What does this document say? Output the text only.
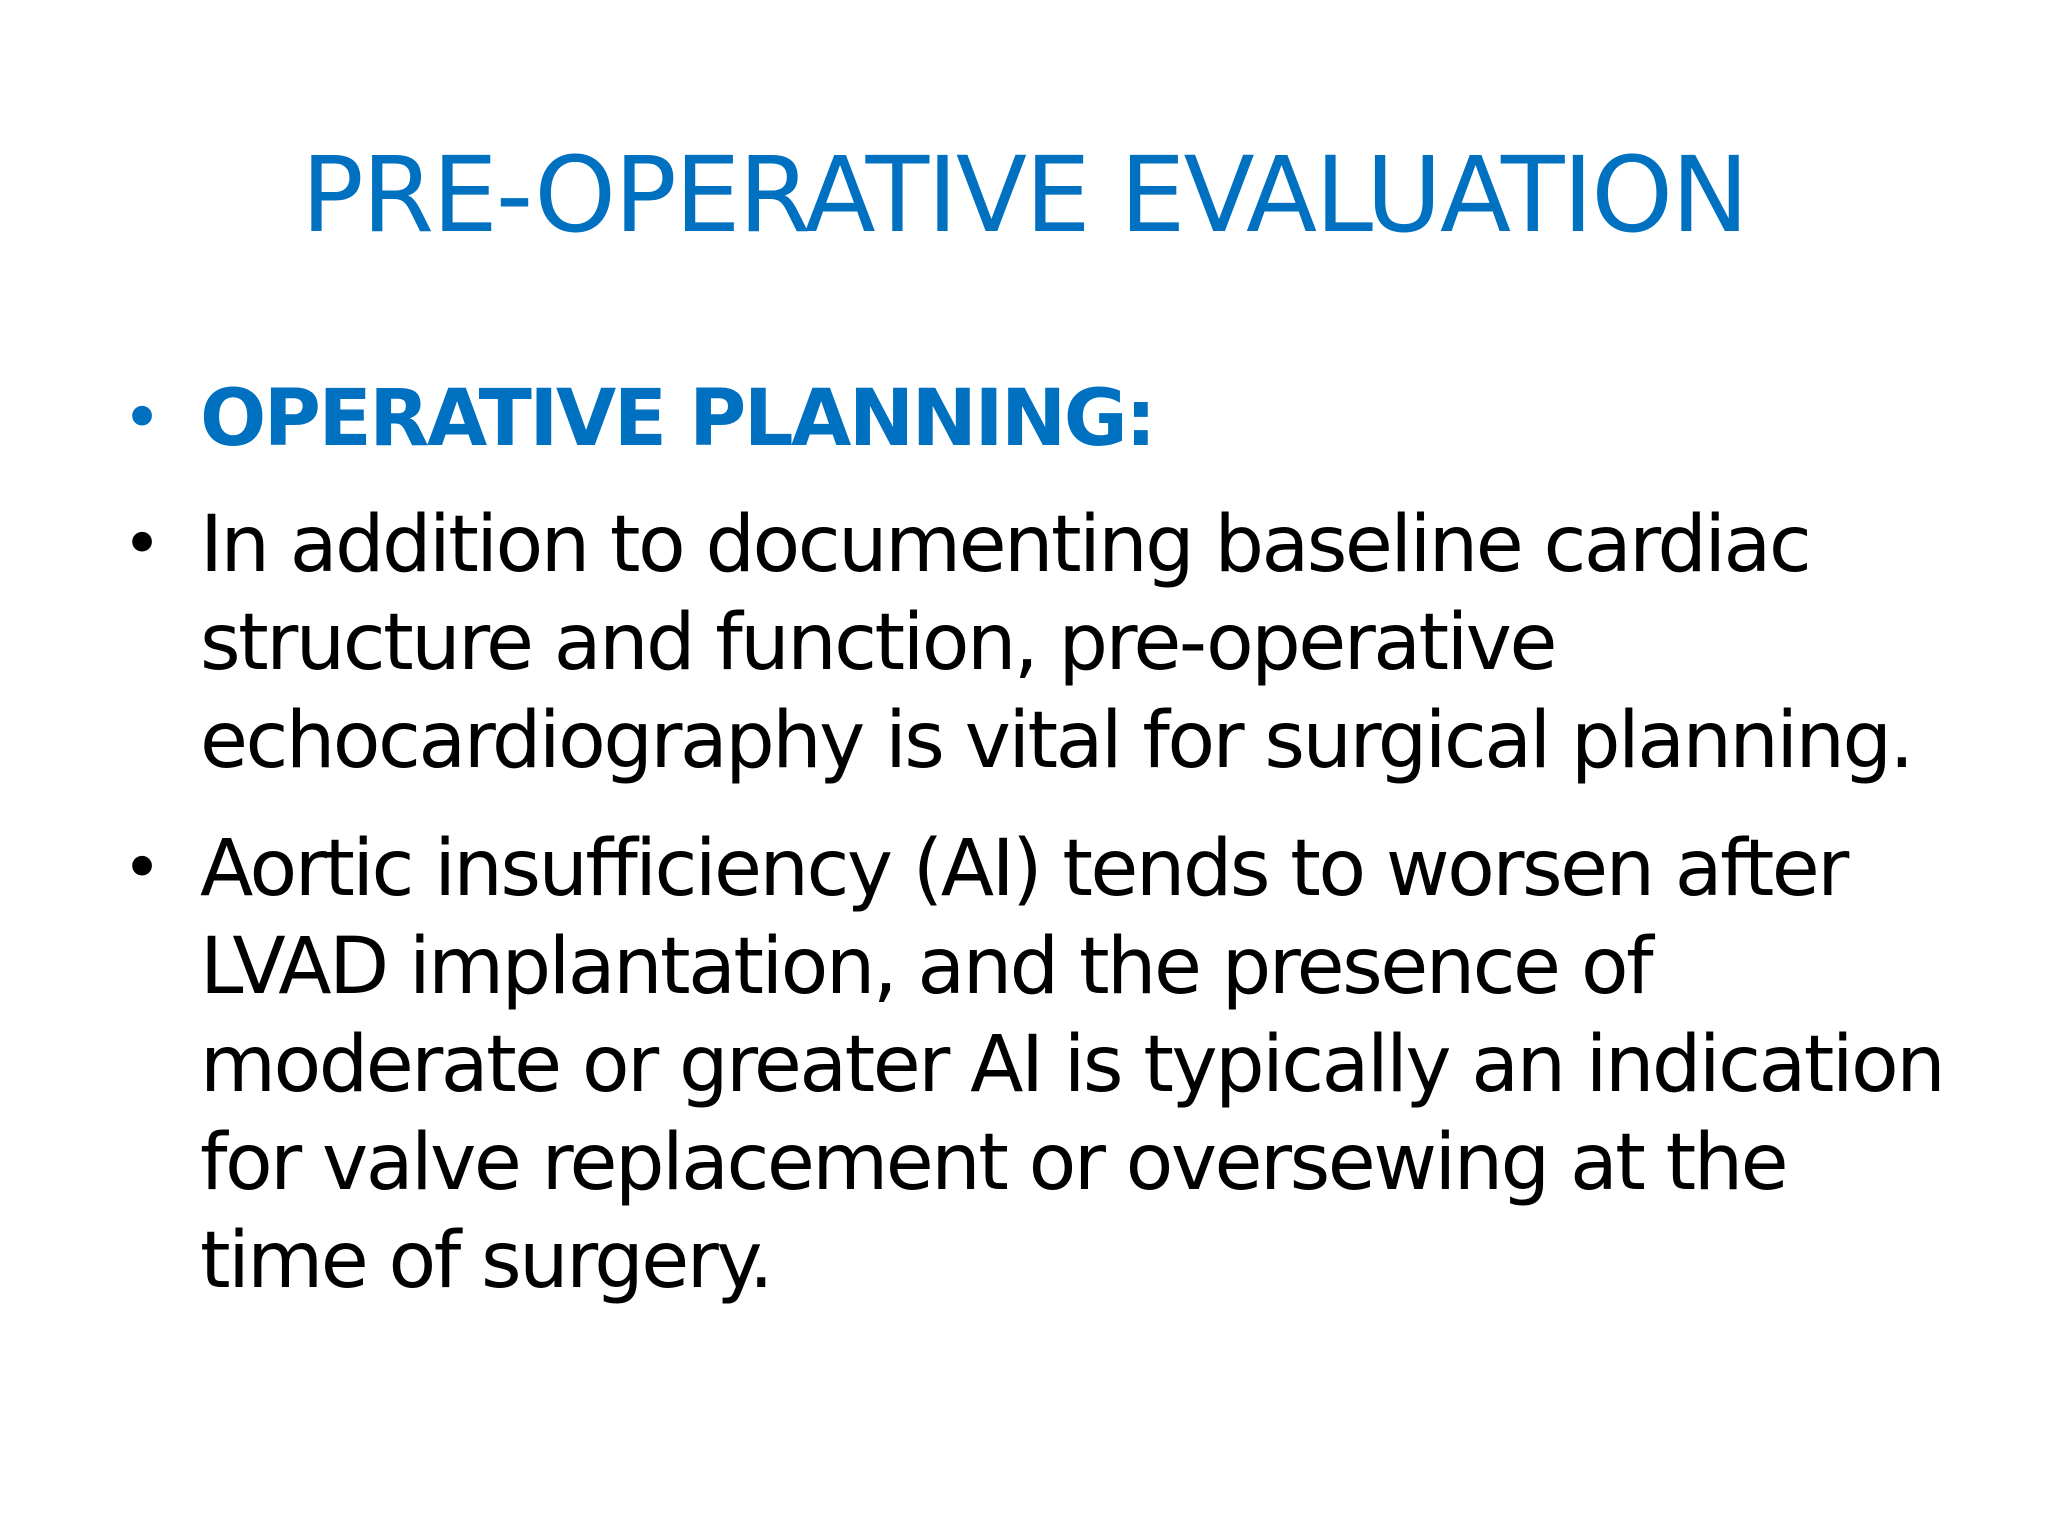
PRE-OPERATIVE EVALUATION
• OPERATIVE PLANNING:
• In addition to documenting baseline cardiac structure and function, pre-operative echocardiography is vital for surgical planning.
• Aortic insufficiency (AI) tends to worsen after LVAD implantation, and the presence of moderate or greater AI is typically an indication for valve replacement or oversewing at the time of surgery.
